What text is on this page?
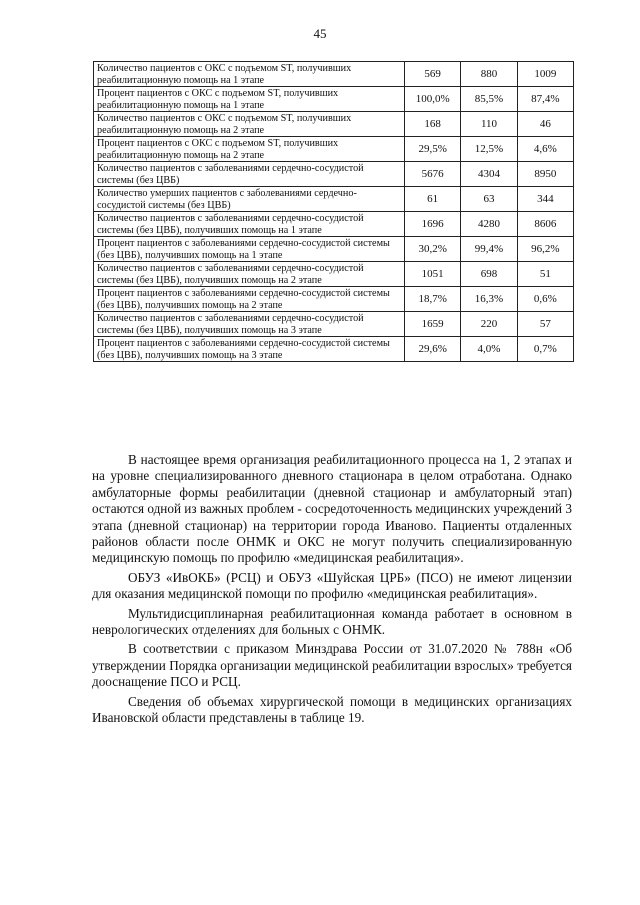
45
Количество пациентов с ОКС с подъемом ST, получивших реабилитационную помощь на 1 этапе	569	880	1009
Процент пациентов с ОКС с подъемом ST, получивших реабилитационную помощь на 1 этапе	100,0%	85,5%	87,4%
Количество пациентов с ОКС с подъемом ST, получивших реабилитационную помощь на 2 этапе	168	110	46
Процент пациентов с ОКС с подъемом ST, получивших реабилитационную помощь на 2 этапе	29,5%	12,5%	4,6%
Количество пациентов с заболеваниями сердечно-сосудистой системы (без ЦВБ)	5676	4304	8950
Количество умерших пациентов с заболеваниями сердечно-сосудистой системы (без ЦВБ)	61	63	344
Количество пациентов с заболеваниями сердечно-сосудистой системы (без ЦВБ), получивших помощь на 1 этапе	1696	4280	8606
Процент пациентов с заболеваниями сердечно-сосудистой системы (без ЦВБ), получивших помощь на 1 этапе	30,2%	99,4%	96,2%
Количество пациентов с заболеваниями сердечно-сосудистой системы (без ЦВБ), получивших помощь на 2 этапе	1051	698	51
Процент пациентов с заболеваниями сердечно-сосудистой системы (без ЦВБ), получивших помощь на 2 этапе	18,7%	16,3%	0,6%
Количество пациентов с заболеваниями сердечно-сосудистой системы (без ЦВБ), получивших помощь на 3 этапе	1659	220	57
Процент пациентов с заболеваниями сердечно-сосудистой системы (без ЦВБ), получивших помощь на 3 этапе	29,6%	4,0%	0,7%

В настоящее время организация реабилитационного процесса на 1, 2 этапах и на уровне специализированного дневного стационара в целом отработана. Однако амбулаторные формы реабилитации (дневной стационар и амбулаторный этап) остаются одной из важных проблем - сосредоточенность медицинских учреждений 3 этапа (дневной стационар) на территории города Иваново. Пациенты отдаленных районов области после ОНМК и ОКС не могут получить специализированную медицинскую помощь по профилю «медицинская реабилитация».

ОБУЗ «ИвОКБ» (РСЦ) и ОБУЗ «Шуйская ЦРБ» (ПСО) не имеют лицензии для оказания медицинской помощи по профилю «медицинская реабилитация».

Мультидисциплинарная реабилитационная команда работает в основном в неврологических отделениях для больных с ОНМК.

В соответствии с приказом Минздрава России от 31.07.2020 № 788н «Об утверждении Порядка организации медицинской реабилитации взрослых» требуется дооснащение ПСО и РСЦ.

Сведения об объемах хирургической помощи в медицинских организациях Ивановской области представлены в таблице 19.
